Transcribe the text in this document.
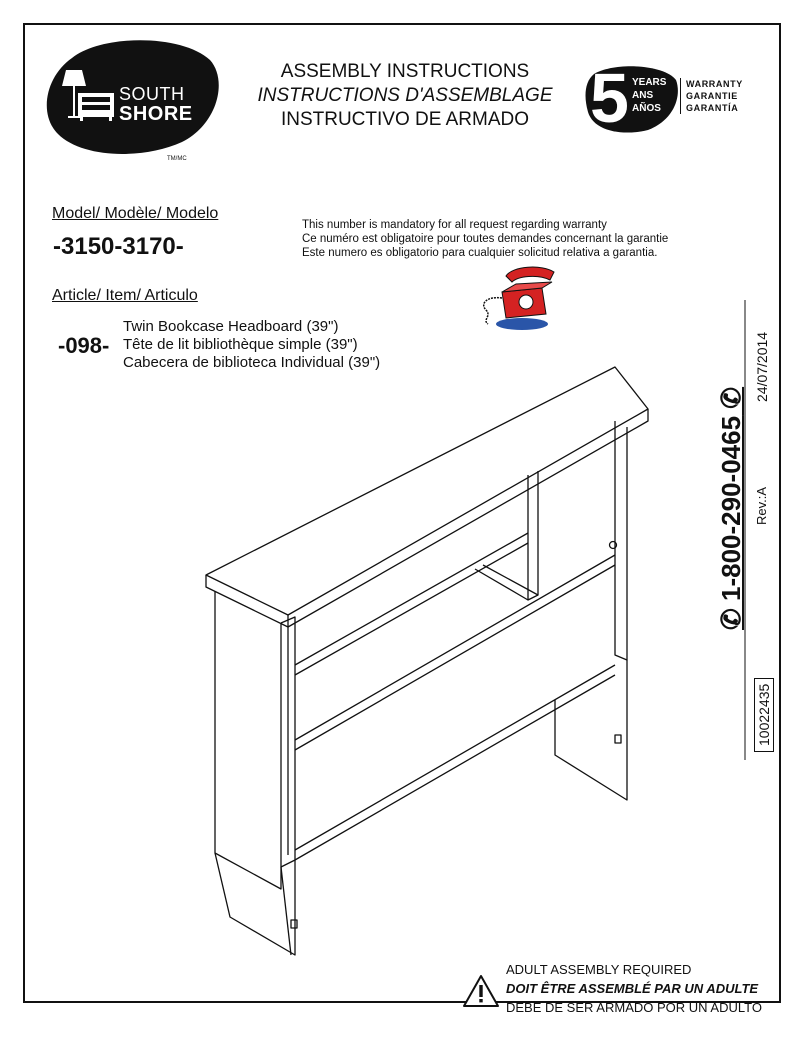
SOUTH
SHORE
TM/MC
ASSEMBLY INSTRUCTIONS
INSTRUCTIONS D'ASSEMBLAGE
INSTRUCTIVO DE ARMADO 5 YEARS
ANS
AÑOS
WARRANTY
GARANTIE
GARANTÍA
Model/ Modèle/ Modelo
-3150-3170-
This number is mandatory for all request regarding warranty
Ce numéro est obligatoire pour toutes demandes concernant la garantie
Este numero es obligatorio para cualquier solicitud relativa a garantia.
Article/ Item/ Articulo
-098-
Twin Bookcase Headboard (39")
Tête de lit bibliothèque simple (39")
Cabecera de biblioteca Individual (39")	24/07/2014
Rev.:A
10022435
✆ 1-800-290-0465 ✆
ADULT ASSEMBLY REQUIRED
DOIT ÊTRE ASSEMBLÉ PAR UN ADULTE
DEBE DE SER ARMADO POR UN ADULTO
